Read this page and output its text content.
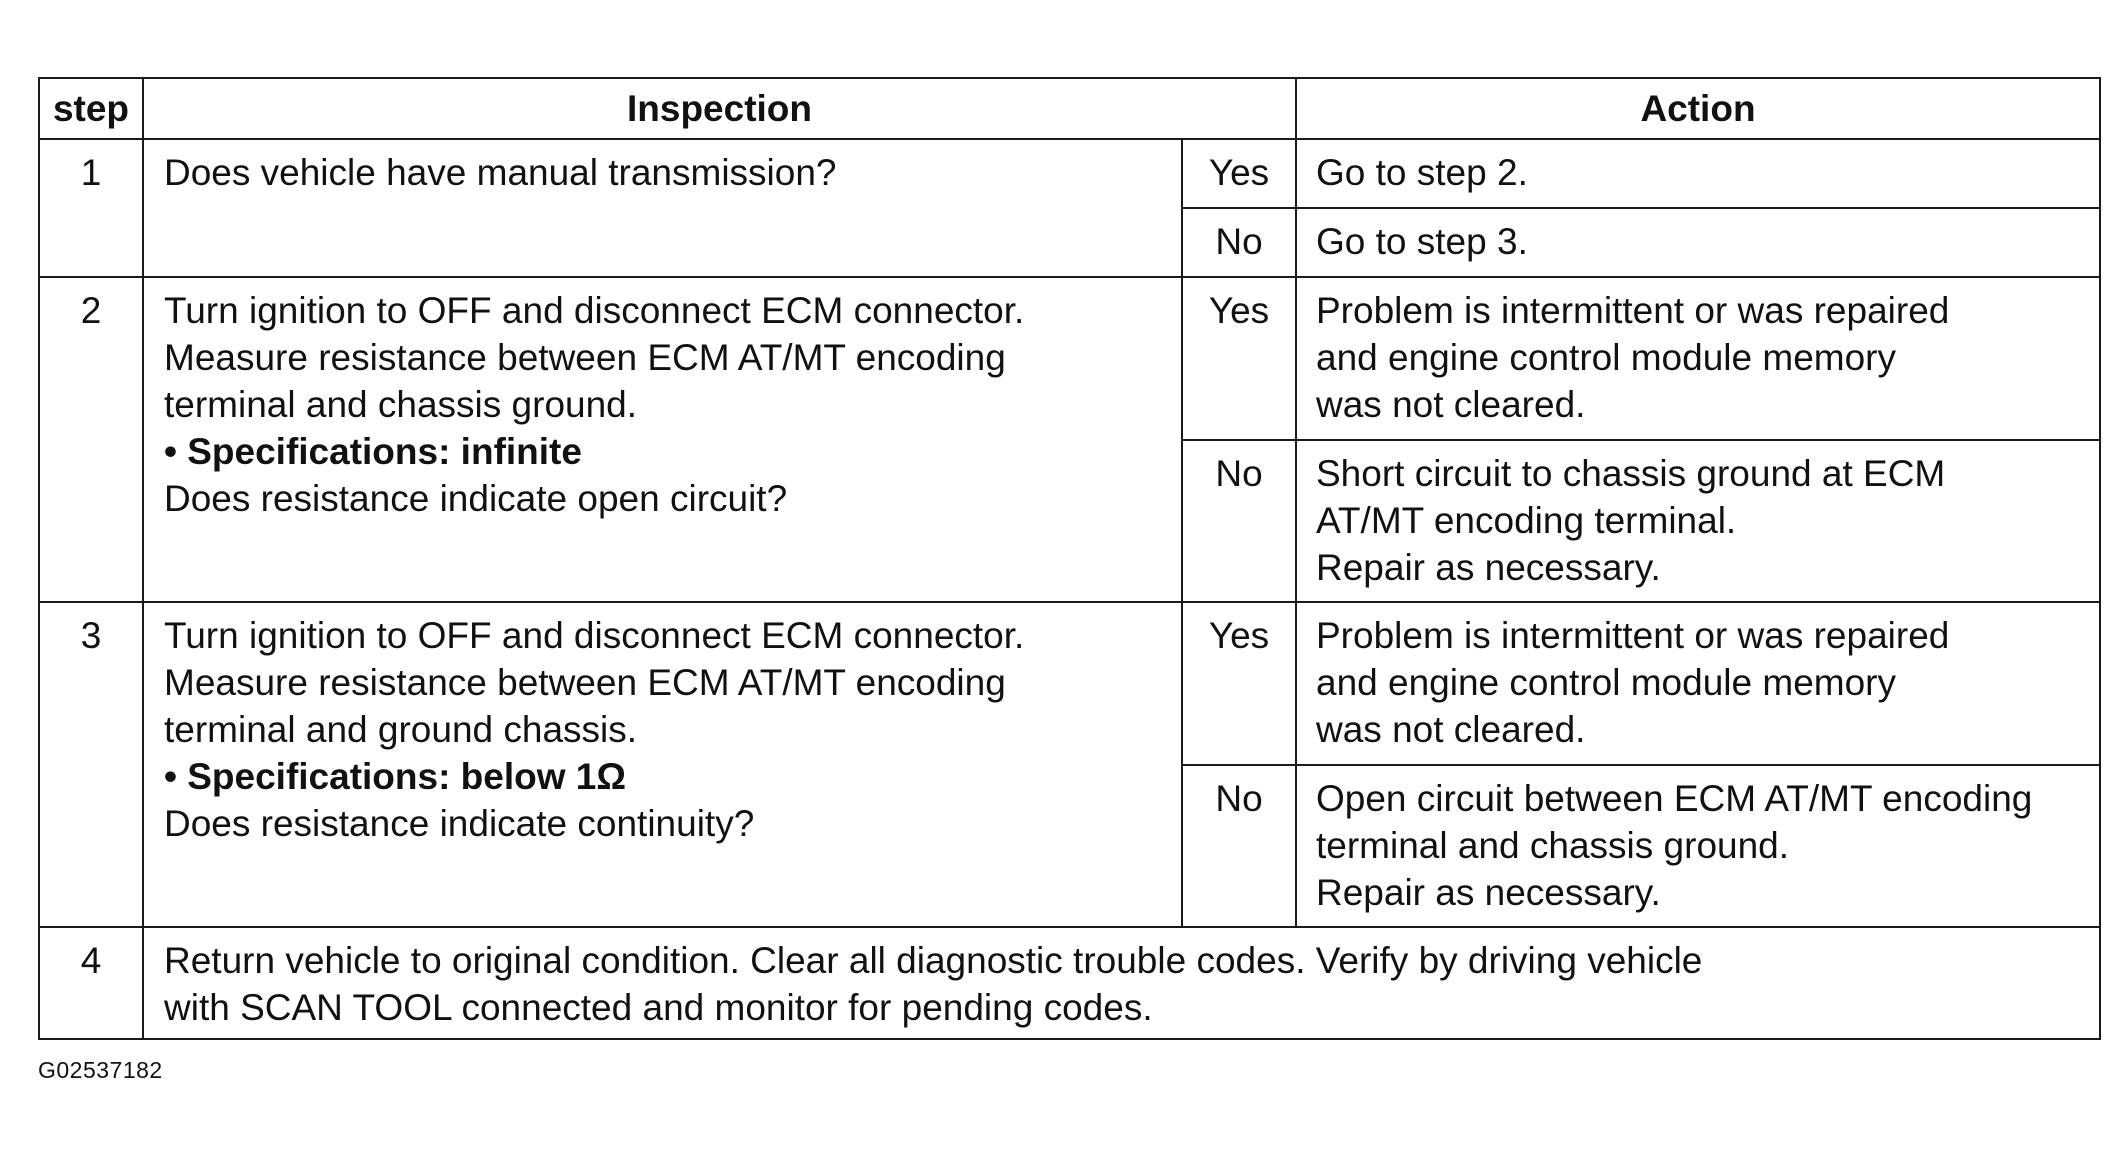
step	Inspection		Action
1	Does vehicle have manual transmission?	Yes	Go to step 2.

		No	Go to step 3.

2	Turn ignition to OFF and disconnect ECM connector.
Measure resistance between ECM AT/MT encoding
terminal and chassis ground.
• Specifications: infinite
Does resistance indicate open circuit?	Yes	Problem is intermittent or was repaired
and engine control module memory
was not cleared.

		No	Short circuit to chassis ground at ECM
AT/MT encoding terminal.
Repair as necessary.

3	Turn ignition to OFF and disconnect ECM connector.
Measure resistance between ECM AT/MT encoding
terminal and ground chassis.
• Specifications: below 1Ω
Does resistance indicate continuity?	Yes	Problem is intermittent or was repaired
and engine control module memory
was not cleared.

		No	Open circuit between ECM AT/MT encoding
terminal and chassis ground.
Repair as necessary.

4	Return vehicle to original condition. Clear all diagnostic trouble codes. Verify by driving vehicle
with SCAN TOOL connected and monitor for pending codes.		
G02537182
